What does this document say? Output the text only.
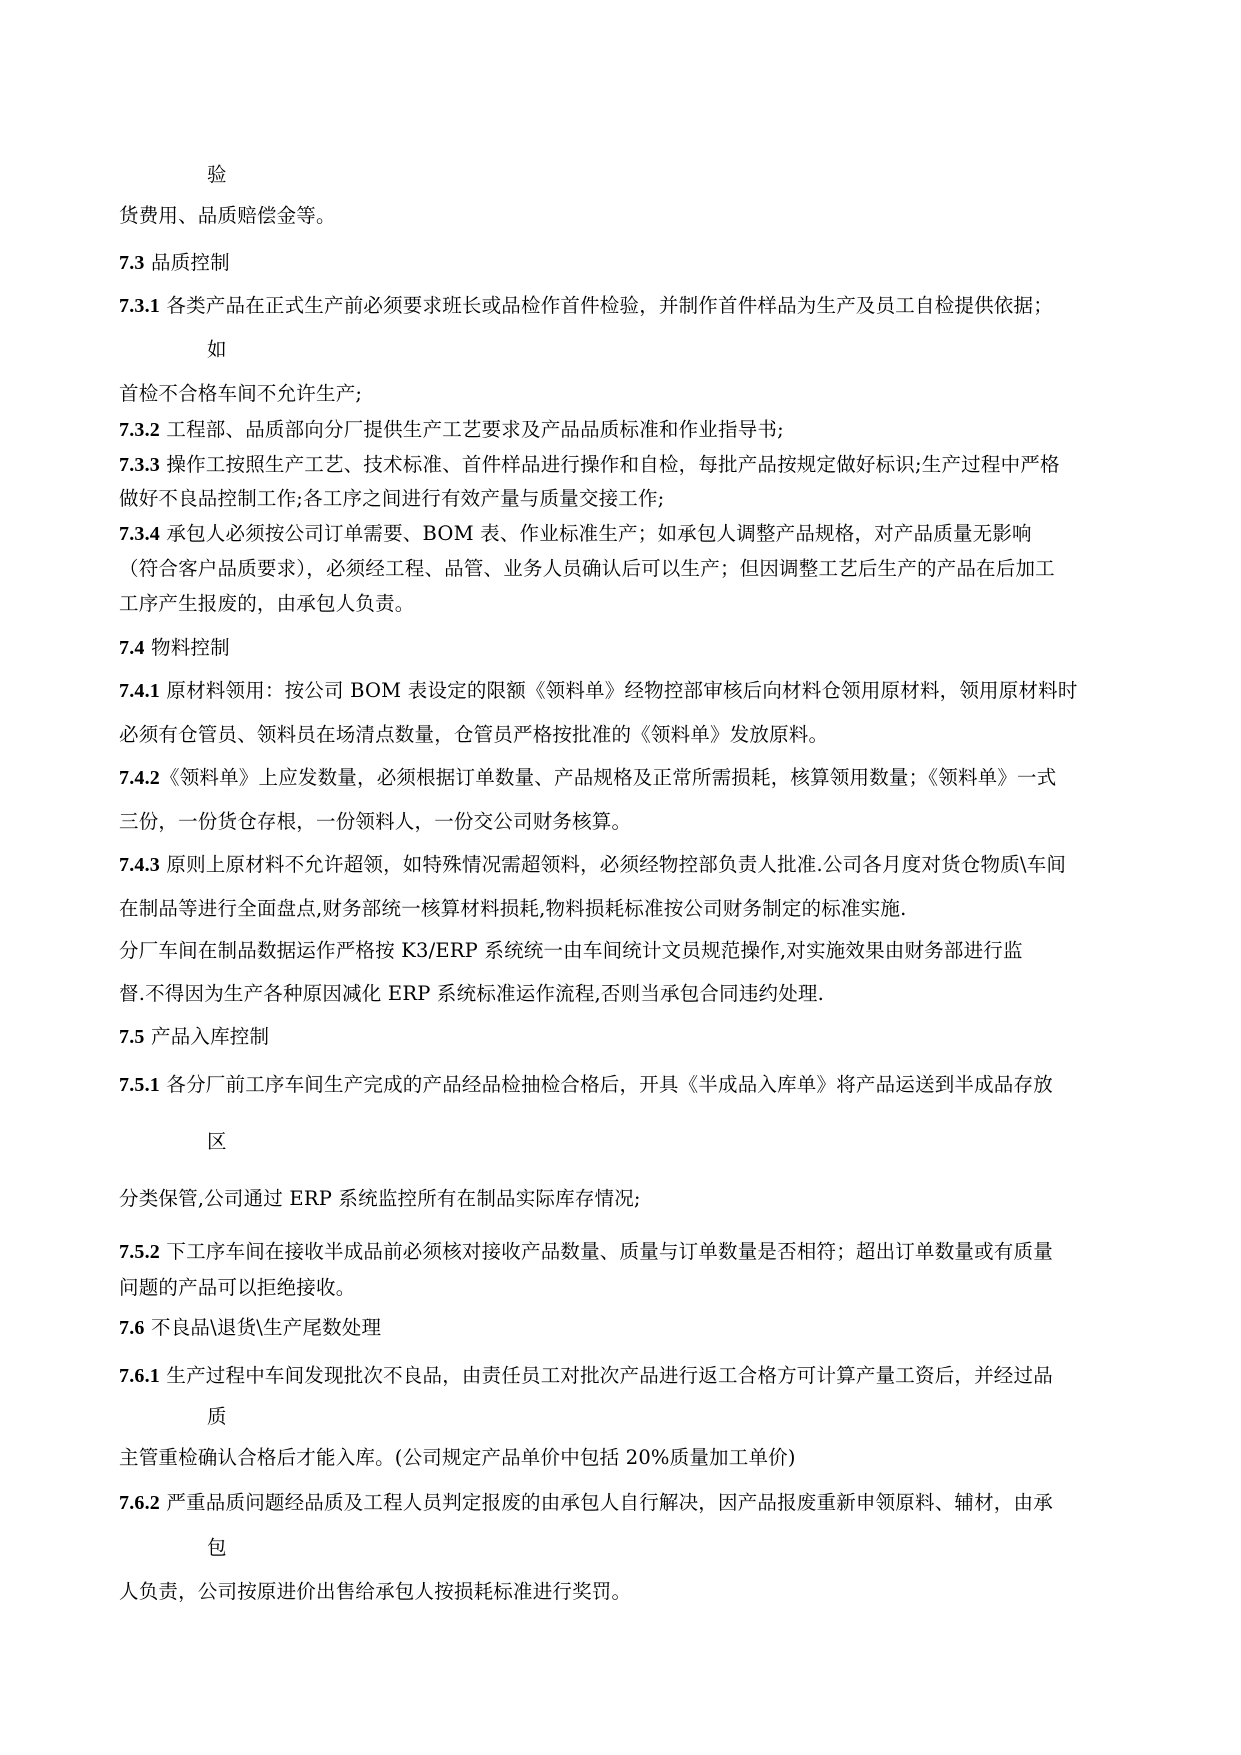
验
货费用、品质赔偿金等。
7.3 品质控制
7.3.1 各类产品在正式生产前必须要求班长或品检作首件检验，并制作首件样品为生产及员工自检提供依据；
如
首检不合格车间不允许生产;
7.3.2 工程部、品质部向分厂提供生产工艺要求及产品品质标准和作业指导书;
7.3.3 操作工按照生产工艺、技术标准、首件样品进行操作和自检，每批产品按规定做好标识;生产过程中严格
做好不良品控制工作;各工序之间进行有效产量与质量交接工作;
7.3.4 承包人必须按公司订单需要、BOM 表、作业标准生产；如承包人调整产品规格，对产品质量无影响
（符合客户品质要求），必须经工程、品管、业务人员确认后可以生产；但因调整工艺后生产的产品在后加工
工序产生报废的，由承包人负责。
7.4 物料控制
7.4.1 原材料领用：按公司 BOM 表设定的限额《领料单》经物控部审核后向材料仓领用原材料，领用原材料时
必须有仓管员、领料员在场清点数量，仓管员严格按批准的《领料单》发放原料。
7.4.2《领料单》上应发数量，必须根据订单数量、产品规格及正常所需损耗，核算领用数量；《领料单》一式
三份，一份货仓存根，一份领料人，一份交公司财务核算。
7.4.3 原则上原材料不允许超领，如特殊情况需超领料，必须经物控部负责人批准.公司各月度对货仓物质\车间
在制品等进行全面盘点,财务部统一核算材料损耗,物料损耗标准按公司财务制定的标准实施.
分厂车间在制品数据运作严格按 K3/ERP 系统统一由车间统计文员规范操作,对实施效果由财务部进行监
督.不得因为生产各种原因减化 ERP 系统标准运作流程,否则当承包合同违约处理.
7.5 产品入库控制
7.5.1 各分厂前工序车间生产完成的产品经品检抽检合格后，开具《半成品入库单》将产品运送到半成品存放
区
分类保管,公司通过 ERP 系统监控所有在制品实际库存情况;
7.5.2 下工序车间在接收半成品前必须核对接收产品数量、质量与订单数量是否相符；超出订单数量或有质量
问题的产品可以拒绝接收。
7.6 不良品\退货\生产尾数处理
7.6.1 生产过程中车间发现批次不良品，由责任员工对批次产品进行返工合格方可计算产量工资后，并经过品
质
主管重检确认合格后才能入库。(公司规定产品单价中包括 20%质量加工单价)
7.6.2 严重品质问题经品质及工程人员判定报废的由承包人自行解决，因产品报废重新申领原料、辅材，由承
包
人负责，公司按原进价出售给承包人按损耗标准进行奖罚。
